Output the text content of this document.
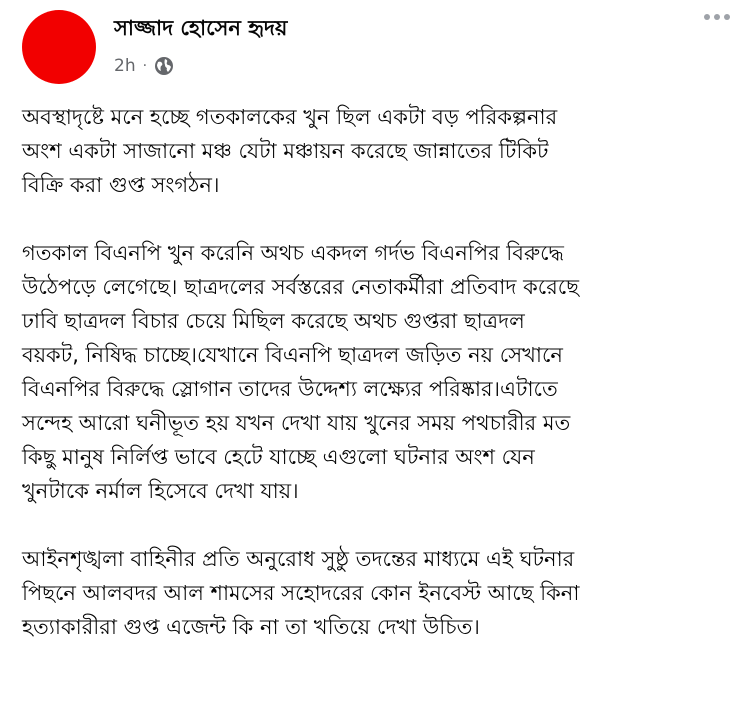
সাজ্জাদ হোসেন হৃদয়
2h ·

অবস্থাদৃষ্টে মনে হচ্ছে গতকালকের খুন ছিল একটা বড় পরিকল্পনার
অংশ একটা সাজানো মঞ্চ যেটা মঞ্চায়ন করেছে জান্নাতের টিকিট
বিক্রি করা গুপ্ত সংগঠন।

গতকাল বিএনপি খুন করেনি অথচ একদল গর্দভ বিএনপির বিরুদ্ধে
উঠেপড়ে লেগেছে। ছাত্রদলের সর্বস্তরের নেতাকর্মীরা প্রতিবাদ করেছে
ঢাবি ছাত্রদল বিচার চেয়ে মিছিল করেছে অথচ গুপ্তরা ছাত্রদল
বয়কট, নিষিদ্ধ চাচ্ছে।যেখানে বিএনপি ছাত্রদল জড়িত নয় সেখানে
বিএনপির বিরুদ্ধে স্লোগান তাদের উদ্দেশ্য লক্ষ্যের পরিষ্কার।এটাতে
সন্দেহ আরো ঘনীভূত হয় যখন দেখা যায় খুনের সময় পথচারীর মত
কিছু মানুষ নির্লিপ্ত ভাবে হেটে যাচ্ছে এগুলো ঘটনার অংশ যেন
খুনটাকে নর্মাল হিসেবে দেখা যায়।

আইনশৃঙ্খলা বাহিনীর প্রতি অনুরোধ সুষ্ঠু তদন্তের মাধ্যমে এই ঘটনার
পিছনে আলবদর আল শামসের সহোদরের কোন ইনবেস্ট আছে কিনা
হত্যাকারীরা গুপ্ত এজেন্ট কি না তা খতিয়ে দেখা উচিত।
